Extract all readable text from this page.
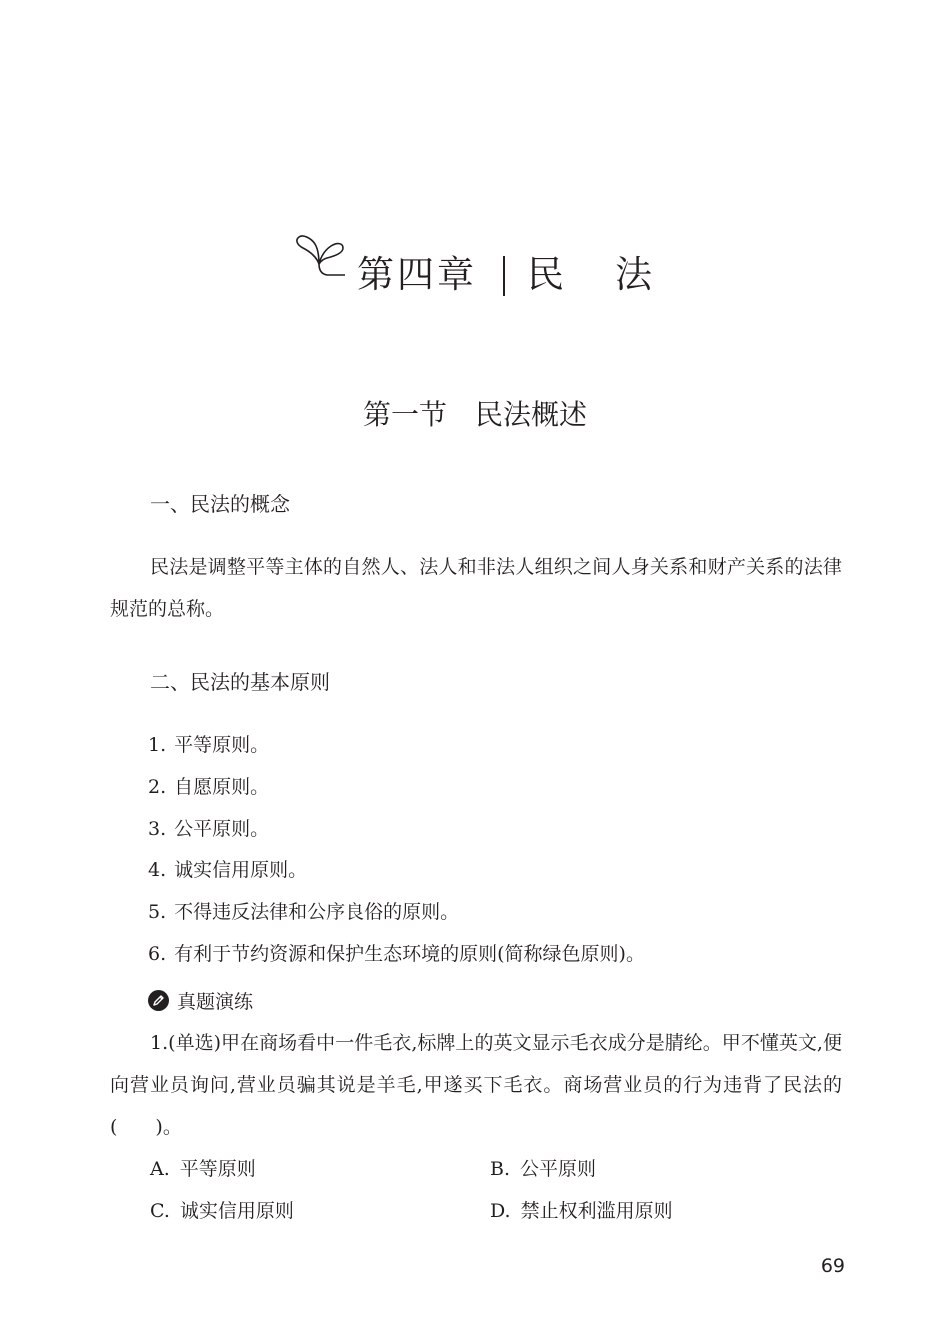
第四章 民 法
第一节　民法概述
一、民法的概念
民法是调整平等主体的自然人、法人和非法人组织之间人身关系和财产关系的法律规范的总称。
二、民法的基本原则
1. 平等原则。
2. 自愿原则。
3. 公平原则。
4. 诚实信用原则。
5. 不得违反法律和公序良俗的原则。
6. 有利于节约资源和保护生态环境的原则(简称绿色原则)。
真题演练
1.(单选)甲在商场看中一件毛衣,标牌上的英文显示毛衣成分是腈纶。甲不懂英文,便向营业员询问,营业员骗其说是羊毛,甲遂买下毛衣。商场营业员的行为违背了民法的(　　)。
A. 平等原则	B. 公平原则
C. 诚实信用原则	D. 禁止权利滥用原则
69
